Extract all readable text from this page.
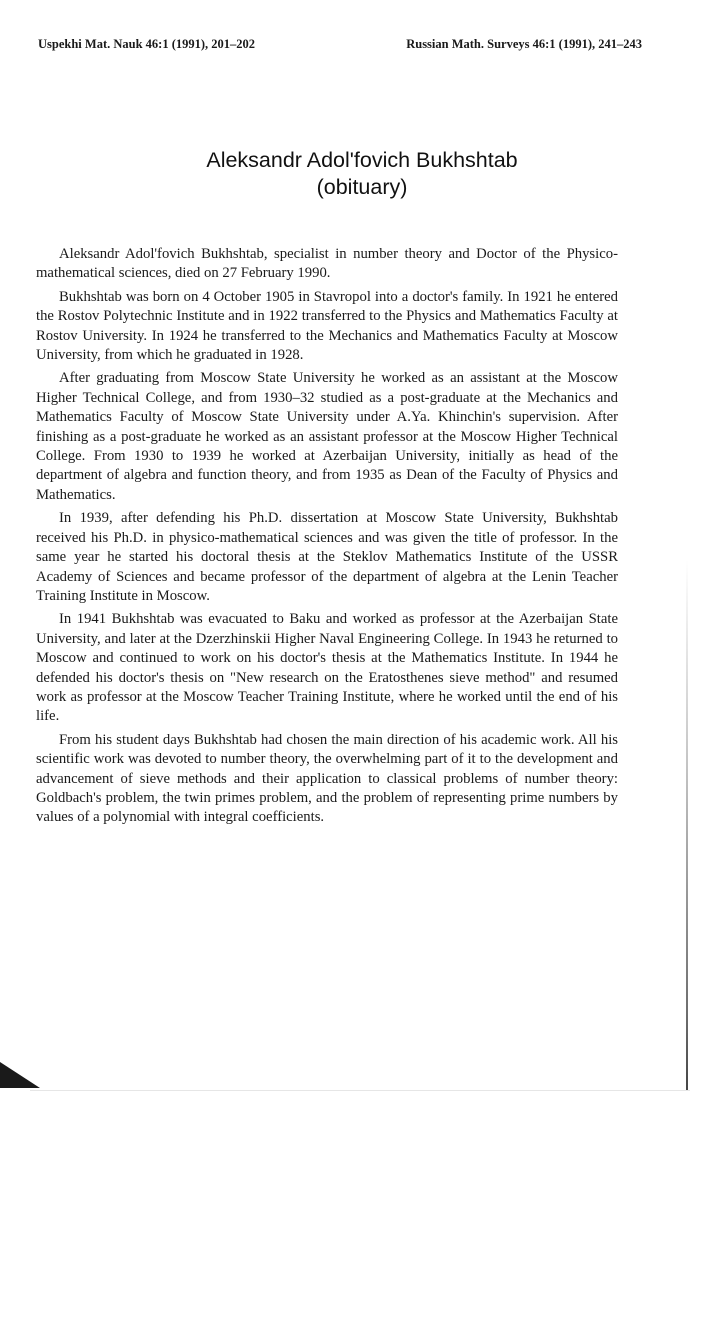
Uspekhi Mat. Nauk 46:1 (1991), 201–202	Russian Math. Surveys 46:1 (1991), 241–243
Aleksandr Adol'fovich Bukhshtab
(obituary)

Aleksandr Adol'fovich Bukhshtab, specialist in number theory and Doctor of the Physico-mathematical sciences, died on 27 February 1990.

Bukhshtab was born on 4 October 1905 in Stavropol into a doctor's family. In 1921 he entered the Rostov Polytechnic Institute and in 1922 transferred to the Physics and Mathematics Faculty at Rostov University. In 1924 he transferred to the Mechanics and Mathematics Faculty at Moscow University, from which he graduated in 1928.

After graduating from Moscow State University he worked as an assistant at the Moscow Higher Technical College, and from 1930–32 studied as a post-graduate at the Mechanics and Mathematics Faculty of Moscow State University under A.Ya. Khinchin's supervision. After finishing as a post-graduate he worked as an assistant professor at the Moscow Higher Technical College. From 1930 to 1939 he worked at Azerbaijan University, initially as head of the department of algebra and function theory, and from 1935 as Dean of the Faculty of Physics and Mathematics.

In 1939, after defending his Ph.D. dissertation at Moscow State University, Bukhshtab received his Ph.D. in physico-mathematical sciences and was given the title of professor. In the same year he started his doctoral thesis at the Steklov Mathematics Institute of the USSR Academy of Sciences and became professor of the department of algebra at the Lenin Teacher Training Institute in Moscow.

In 1941 Bukhshtab was evacuated to Baku and worked as professor at the Azerbaijan State University, and later at the Dzerzhinskii Higher Naval Engineering College. In 1943 he returned to Moscow and continued to work on his doctor's thesis at the Mathematics Institute. In 1944 he defended his doctor's thesis on "New research on the Eratosthenes sieve method" and resumed work as professor at the Moscow Teacher Training Institute, where he worked until the end of his life.

From his student days Bukhshtab had chosen the main direction of his academic work. All his scientific work was devoted to number theory, the overwhelming part of it to the development and advancement of sieve methods and their application to classical problems of number theory: Goldbach's problem, the twin primes problem, and the problem of representing prime numbers by values of a polynomial with integral coefficients.
